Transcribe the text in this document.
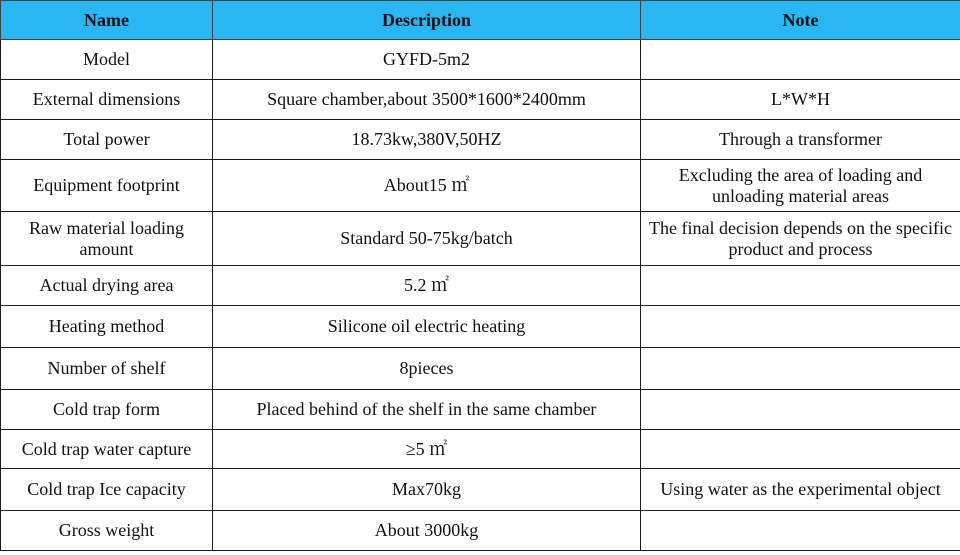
Name	Description	Note
Model	GYFD-5m2	
External dimensions	Square chamber,about 3500*1600*2400mm	L*W*H
Total power	18.73kw,380V,50HZ	Through a transformer
Equipment footprint	About15 ㎡	Excluding the area of loading and unloading material areas
Raw material loading amount	Standard 50-75kg/batch	The final decision depends on the specific product and process
Actual drying area	5.2 ㎡	
Heating method	Silicone oil electric heating	
Number of shelf	8pieces	
Cold trap form	Placed behind of the shelf in the same chamber	
Cold trap water capture	≥5 ㎡	
Cold trap Ice capacity	Max70kg	Using water as the experimental object
Gross weight	About 3000kg	
